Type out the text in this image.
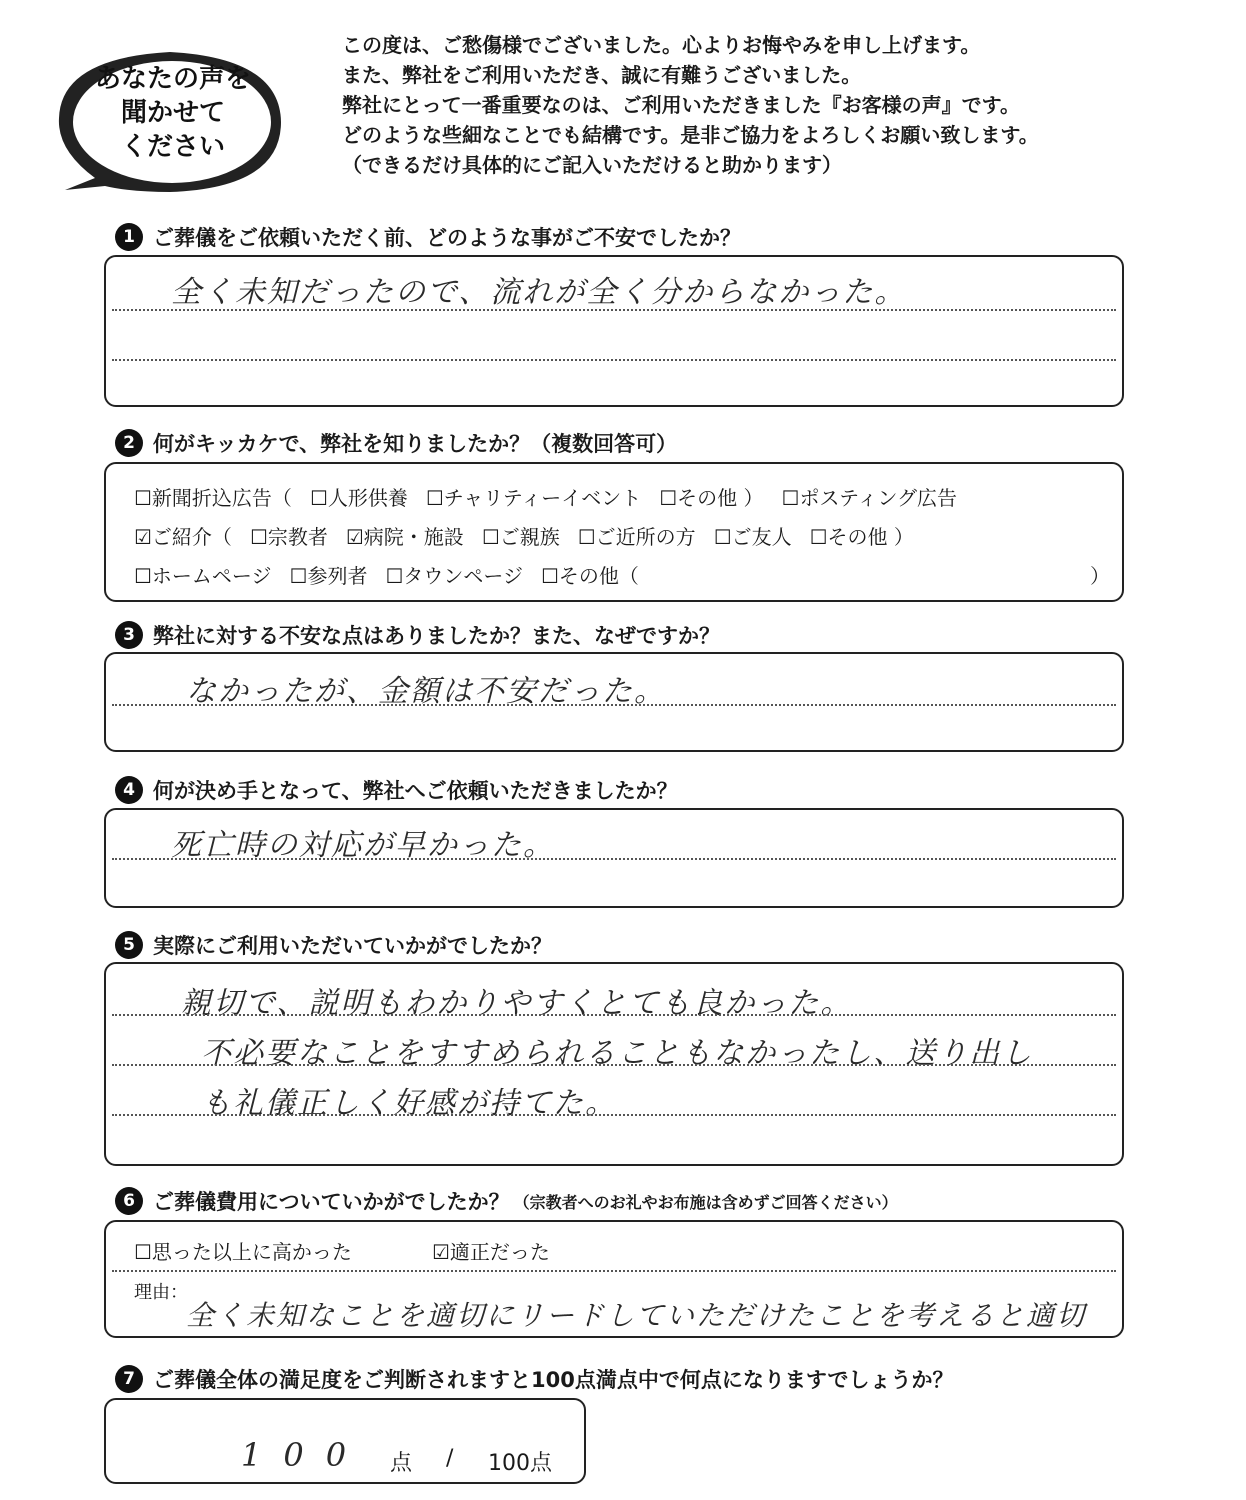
あなたの声を
聞かせて
ください
この度は、ご愁傷様でございました。心よりお悔やみを申し上げます。
また、弊社をご利用いただき、誠に有難うございました。
弊社にとって一番重要なのは、ご利用いただきました『お客様の声』です。
どのような些細なことでも結構です。是非ご協力をよろしくお願い致します。
（できるだけ具体的にご記入いただけると助かります）
1 ご葬儀をご依頼いただく前、どのような事がご不安でしたか？
全く未知だったので、流れが全く分からなかった。
2 何がキッカケで、弊社を知りましたか？（複数回答可）
☐新聞折込広告（ ☐人形供養 ☐チャリティーイベント ☐その他 ） ☐ポスティング広告
☑ご紹介（ ☐宗教者 ☑病院・施設 ☐ご親族 ☐ご近所の方 ☐ご友人 ☐その他 ）
☐ホームページ ☐参列者 ☐タウンページ ☐その他（	）
3 弊社に対する不安な点はありましたか？また、なぜですか？
なかったが、金額は不安だった。
4 何が決め手となって、弊社へご依頼いただきましたか？
死亡時の対応が早かった。
5 実際にご利用いただいていかがでしたか？
親切で、説明もわかりやすくとても良かった。
不必要なことをすすめられることもなかったし、送り出し
も礼儀正しく好感が持てた。
6 ご葬儀費用についていかがでしたか？ （宗教者へのお礼やお布施は含めずご回答ください）
☐思った以上に高かった	☑適正だった
理由：
全く未知なことを適切にリードしていただけたことを考えると適切
7 ご葬儀全体の満足度をご判断されますと100点満点中で何点になりますでしょうか？
100 点 / 100点
